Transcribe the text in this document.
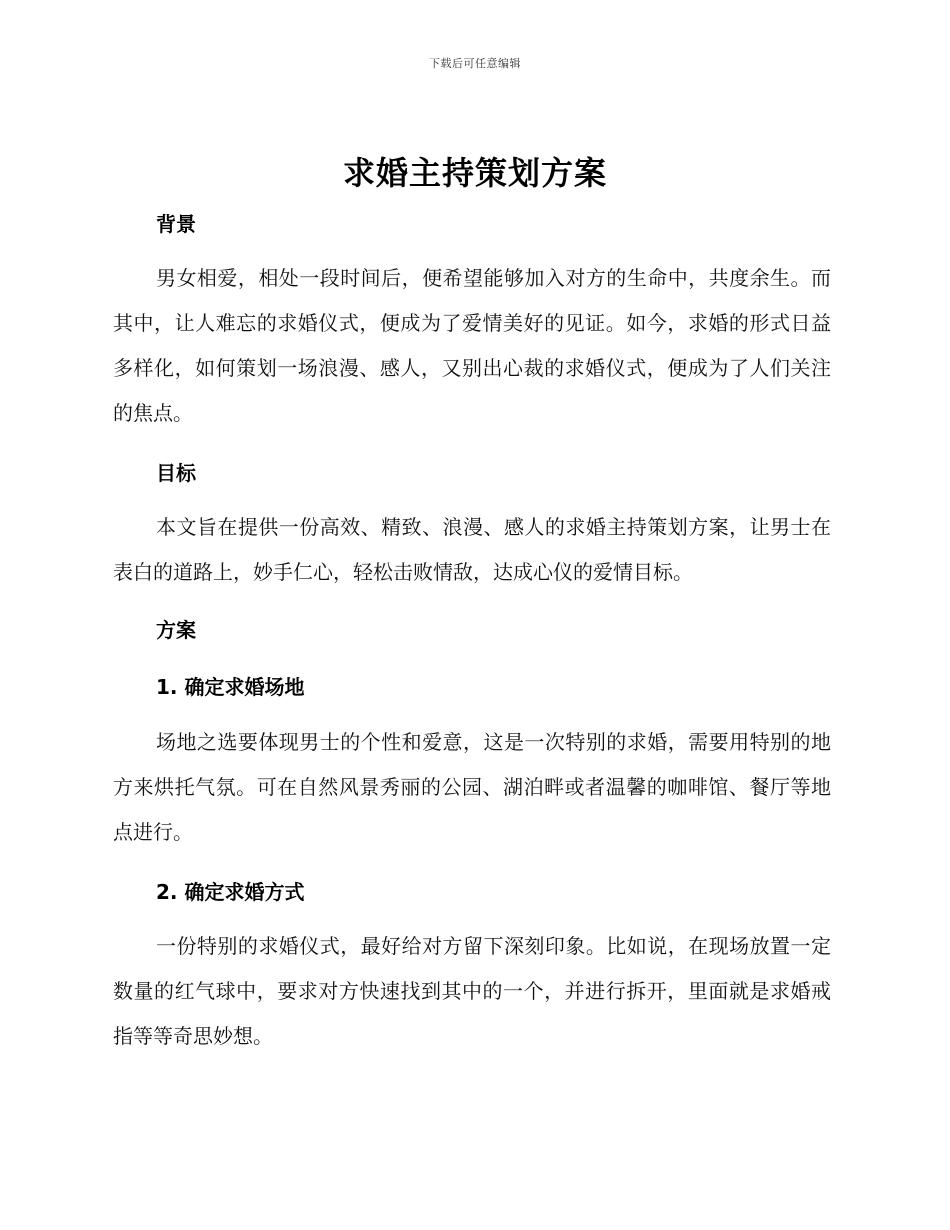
下载后可任意编辑
求婚主持策划方案
背景

男女相爱，相处一段时间后，便希望能够加入对方的生命中，共度余生。而其中，让人难忘的求婚仪式，便成为了爱情美好的见证。如今，求婚的形式日益多样化，如何策划一场浪漫、感人，又别出心裁的求婚仪式，便成为了人们关注的焦点。

目标

本文旨在提供一份高效、精致、浪漫、感人的求婚主持策划方案，让男士在表白的道路上，妙手仁心，轻松击败情敌，达成心仪的爱情目标。

方案
1. 确定求婚场地

场地之选要体现男士的个性和爱意，这是一次特别的求婚，需要用特别的地方来烘托气氛。可在自然风景秀丽的公园、湖泊畔或者温馨的咖啡馆、餐厅等地点进行。

2. 确定求婚方式

一份特别的求婚仪式，最好给对方留下深刻印象。比如说，在现场放置一定数量的红气球中，要求对方快速找到其中的一个，并进行拆开，里面就是求婚戒指等等奇思妙想。
